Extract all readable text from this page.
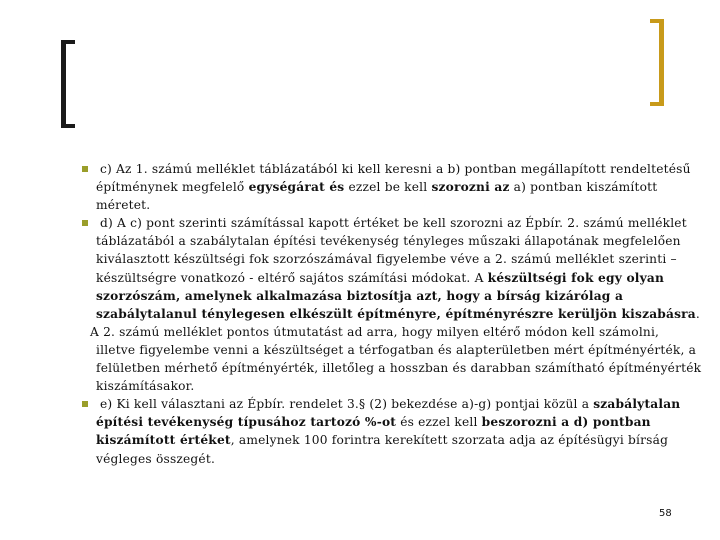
c) Az 1. számú melléklet táblázatából ki kell keresni a b) pontban megállapított rendeltetésű
építménynek megfelelő egységárat és ezzel be kell szorozni az a) pontban kiszámított
méretet.
d) A c) pont szerinti számítással kapott értéket be kell szorozni az Épbír. 2. számú melléklet
táblázatából a szabálytalan építési tevékenység tényleges műszaki állapotának megfelelően
kiválasztott készültségi fok szorzószámával figyelembe véve a 2. számú melléklet szerinti –
készültségre vonatkozó - eltérő sajátos számítási módokat. A készültségi fok egy olyan
szorzószám, amelynek alkalmazása biztosítja azt, hogy a bírság kizárólag a
szabálytalanul ténylegesen elkészült építményre, építményrészre kerüljön kiszabásra.
A 2. számú melléklet pontos útmutatást ad arra, hogy milyen eltérő módon kell számolni,
illetve figyelembe venni a készültséget a térfogatban és alapterületben mért építményérték, a
felületben mérhető építményérték, illetőleg a hosszban és darabban számítható építményérték
kiszámításakor.
e) Ki kell választani az Épbír. rendelet 3.§ (2) bekezdése a)-g) pontjai közül a szabálytalan
építési tevékenység típusához tartozó %-ot és ezzel kell beszorozni a d) pontban
kiszámított értéket, amelynek 100 forintra kerekített szorzata adja az építésügyi bírság
végleges összegét.
58
